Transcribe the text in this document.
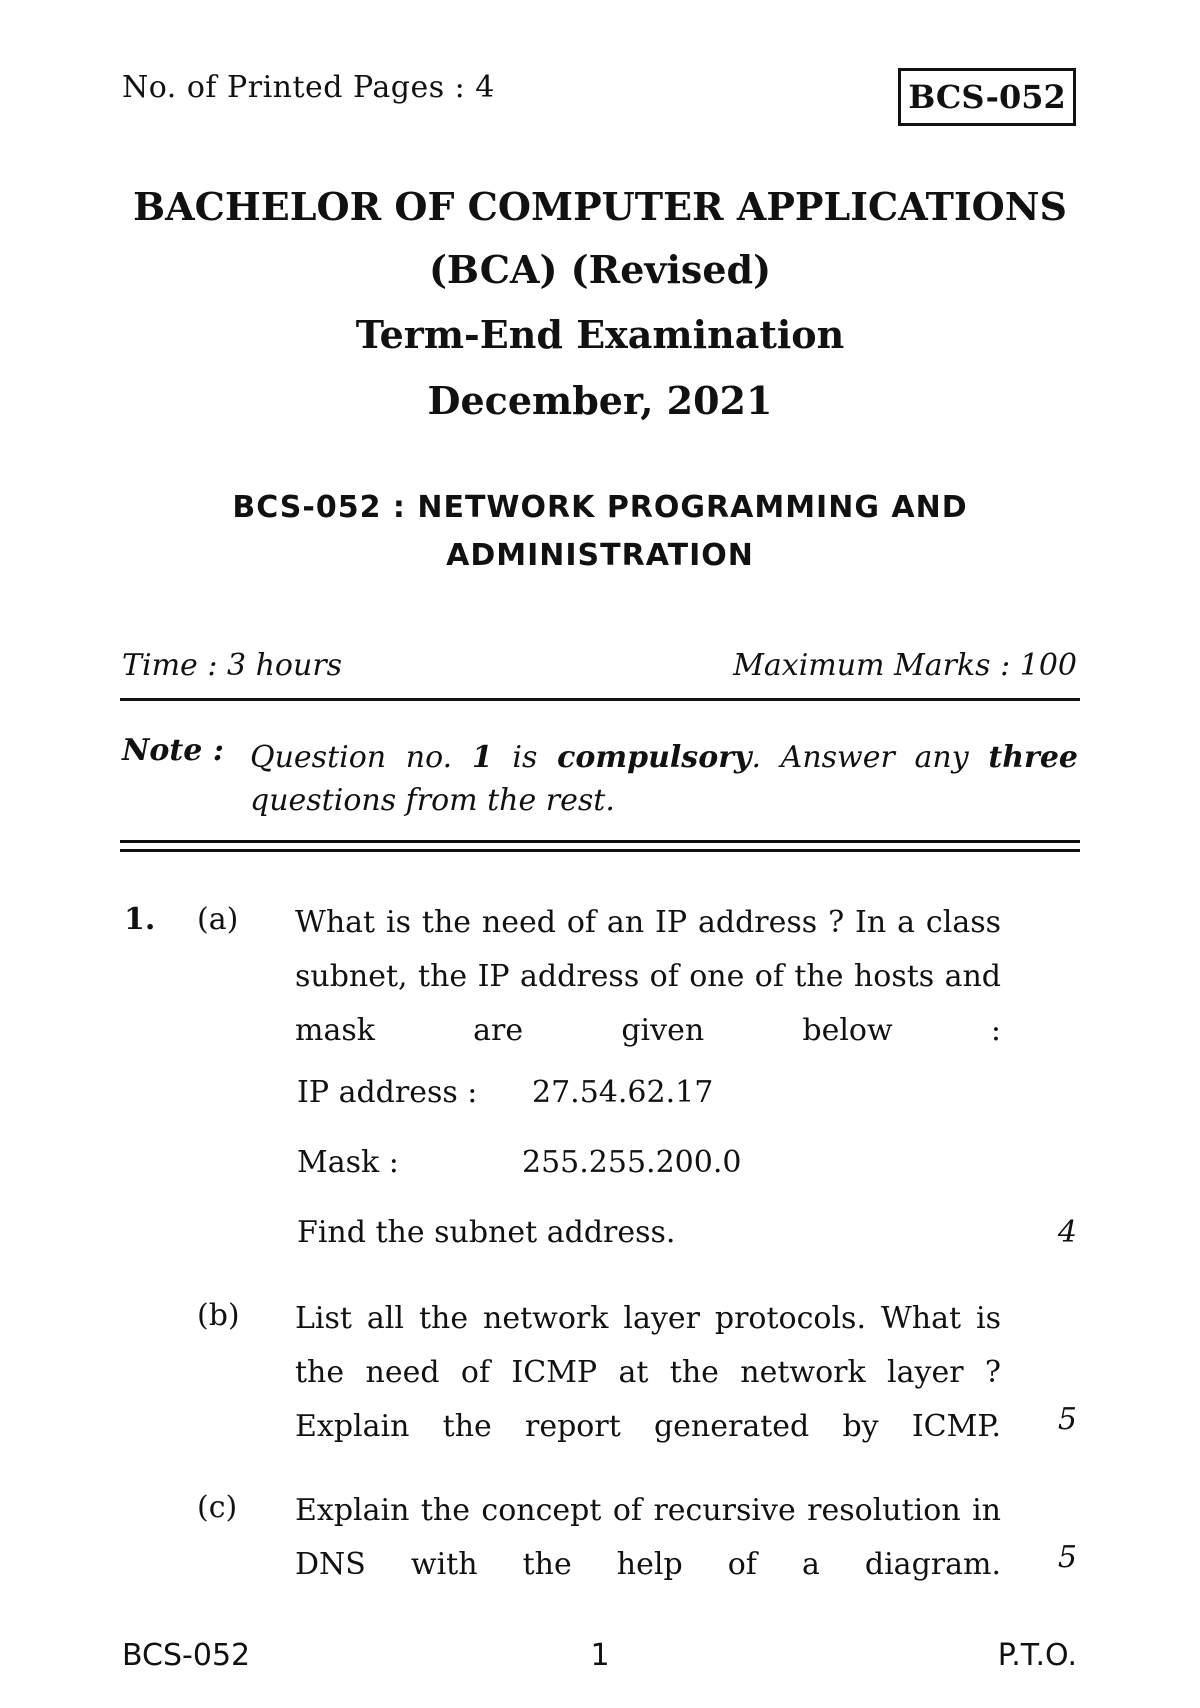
No. of Printed Pages : 4	BCS-052
BACHELOR OF COMPUTER APPLICATIONS
(BCA) (Revised)
Term-End Examination
December, 2021
BCS-052 : NETWORK PROGRAMMING AND
ADMINISTRATION
Time : 3 hours	Maximum Marks : 100
Note : Question no. 1 is compulsory. Answer any three
questions from the rest.
1. (a) What is the need of an IP address ? In a class subnet, the IP address of one of the hosts and mask are given below :
IP address : 27.54.62.17
Mask :	255.255.200.0
Find the subnet address.	4
(b) List all the network layer protocols. What is the need of ICMP at the network layer ? Explain the report generated by ICMP. 5
(c) Explain the concept of recursive resolution in DNS with the help of a diagram. 5
BCS-052	1	P.T.O.
